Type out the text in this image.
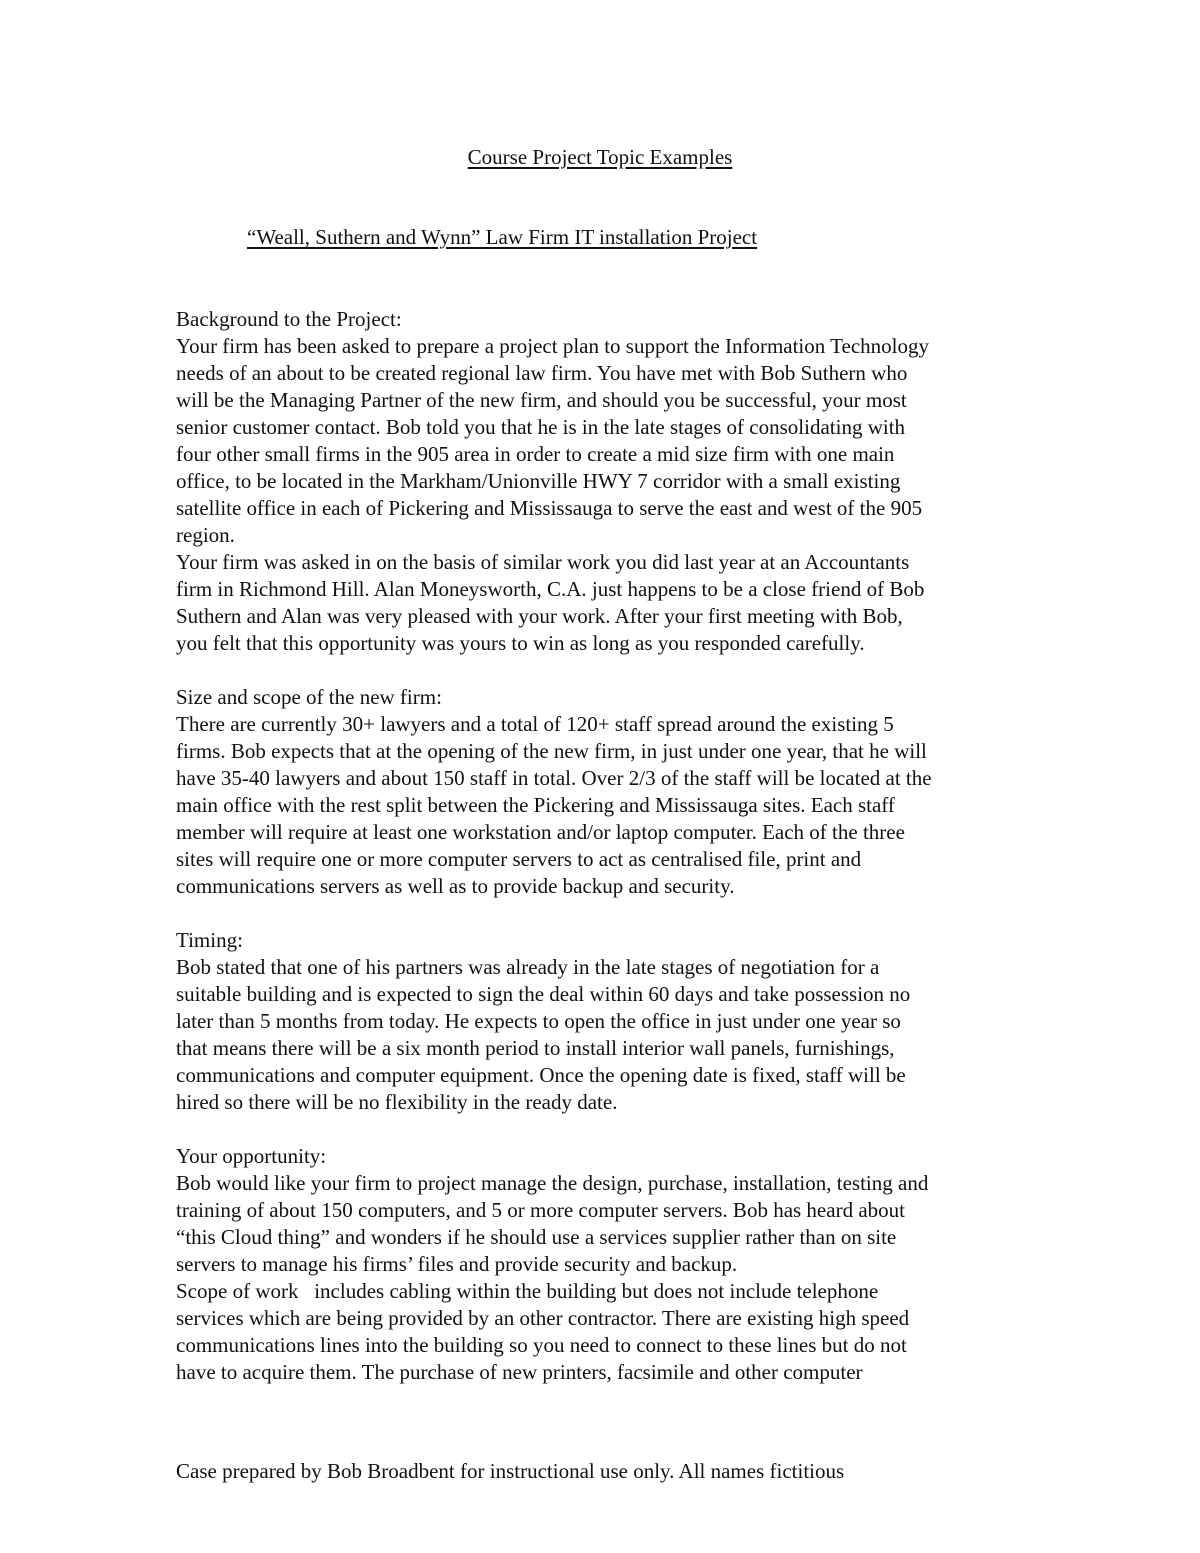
Course Project Topic Examples
“Weall, Suthern and Wynn” Law Firm IT installation Project
Background to the Project:
Your firm has been asked to prepare a project plan to support the Information Technology
needs of an about to be created regional law firm. You have met with Bob Suthern who
will be the Managing Partner of the new firm, and should you be successful, your most
senior customer contact. Bob told you that he is in the late stages of consolidating with
four other small firms in the 905 area in order to create a mid size firm with one main
office, to be located in the Markham/Unionville HWY 7 corridor with a small existing
satellite office in each of Pickering and Mississauga to serve the east and west of the 905
region.
Your firm was asked in on the basis of similar work you did last year at an Accountants
firm in Richmond Hill. Alan Moneysworth, C.A. just happens to be a close friend of Bob
Suthern and Alan was very pleased with your work. After your first meeting with Bob,
you felt that this opportunity was yours to win as long as you responded carefully.
Size and scope of the new firm:
There are currently 30+ lawyers and a total of 120+ staff spread around the existing 5
firms. Bob expects that at the opening of the new firm, in just under one year, that he will
have 35-40 lawyers and about 150 staff in total. Over 2/3 of the staff will be located at the
main office with the rest split between the Pickering and Mississauga sites. Each staff
member will require at least one workstation and/or laptop computer. Each of the three
sites will require one or more computer servers to act as centralised file, print and
communications servers as well as to provide backup and security.
Timing:
Bob stated that one of his partners was already in the late stages of negotiation for a
suitable building and is expected to sign the deal within 60 days and take possession no
later than 5 months from today. He expects to open the office in just under one year so
that means there will be a six month period to install interior wall panels, furnishings,
communications and computer equipment. Once the opening date is fixed, staff will be
hired so there will be no flexibility in the ready date.
Your opportunity:
Bob would like your firm to project manage the design, purchase, installation, testing and
training of about 150 computers, and 5 or more computer servers. Bob has heard about
“this Cloud thing” and wonders if he should use a services supplier rather than on site
servers to manage his firms’ files and provide security and backup.
Scope of work   includes cabling within the building but does not include telephone
services which are being provided by an other contractor. There are existing high speed
communications lines into the building so you need to connect to these lines but do not
have to acquire them. The purchase of new printers, facsimile and other computer
Case prepared by Bob Broadbent for instructional use only. All names fictitious
